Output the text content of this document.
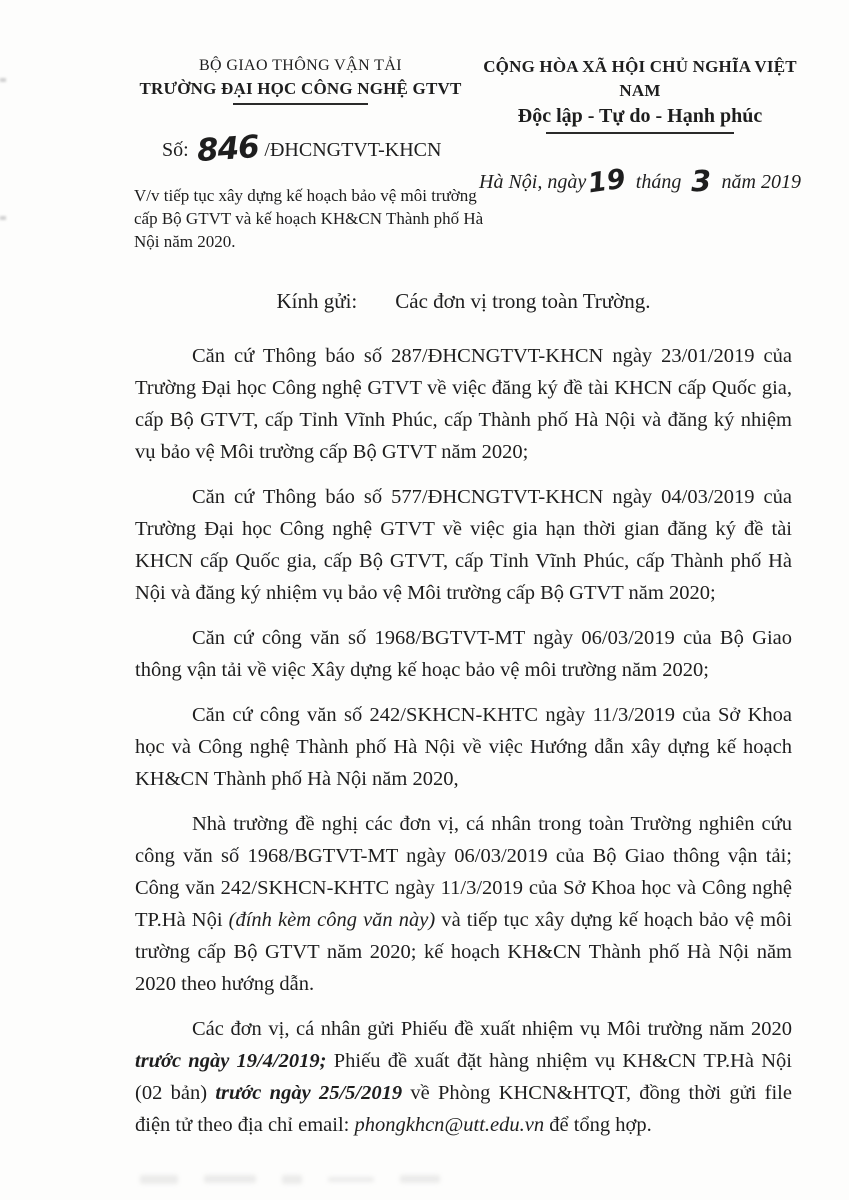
BỘ GIAO THÔNG VẬN TẢI
TRƯỜNG ĐẠI HỌC CÔNG NGHỆ GTVT
Số: 846 /ĐHCNGTVT-KHCN
V/v tiếp tục xây dựng kế hoạch bảo vệ môi trường cấp Bộ GTVT và kế hoạch KH&CN Thành phố Hà Nội năm 2020.
CỘNG HÒA XÃ HỘI CHỦ NGHĨA VIỆT NAM
Độc lập - Tự do - Hạnh phúc
Hà Nội, ngày19 tháng 3 năm 2019
Kính gửi: Các đơn vị trong toàn Trường.

Căn cứ Thông báo số 287/ĐHCNGTVT-KHCN ngày 23/01/2019 của Trường Đại học Công nghệ GTVT về việc đăng ký đề tài KHCN cấp Quốc gia, cấp Bộ GTVT, cấp Tỉnh Vĩnh Phúc, cấp Thành phố Hà Nội và đăng ký nhiệm vụ bảo vệ Môi trường cấp Bộ GTVT năm 2020;

Căn cứ Thông báo số 577/ĐHCNGTVT-KHCN ngày 04/03/2019 của Trường Đại học Công nghệ GTVT về việc gia hạn thời gian đăng ký đề tài KHCN cấp Quốc gia, cấp Bộ GTVT, cấp Tỉnh Vĩnh Phúc, cấp Thành phố Hà Nội và đăng ký nhiệm vụ bảo vệ Môi trường cấp Bộ GTVT năm 2020;

Căn cứ công văn số 1968/BGTVT-MT ngày 06/03/2019 của Bộ Giao thông vận tải về việc Xây dựng kế hoạc bảo vệ môi trường năm 2020;

Căn cứ công văn số 242/SKHCN-KHTC ngày 11/3/2019 của Sở Khoa học và Công nghệ Thành phố Hà Nội về việc Hướng dẫn xây dựng kế hoạch KH&CN Thành phố Hà Nội năm 2020,

Nhà trường đề nghị các đơn vị, cá nhân trong toàn Trường nghiên cứu công văn số 1968/BGTVT-MT ngày 06/03/2019 của Bộ Giao thông vận tải; Công văn 242/SKHCN-KHTC ngày 11/3/2019 của Sở Khoa học và Công nghệ TP.Hà Nội (đính kèm công văn này) và tiếp tục xây dựng kế hoạch bảo vệ môi trường cấp Bộ GTVT năm 2020; kế hoạch KH&CN Thành phố Hà Nội năm 2020 theo hướng dẫn.

Các đơn vị, cá nhân gửi Phiếu đề xuất nhiệm vụ Môi trường năm 2020 trước ngày 19/4/2019; Phiếu đề xuất đặt hàng nhiệm vụ KH&CN TP.Hà Nội (02 bản) trước ngày 25/5/2019 về Phòng KHCN&HTQT, đồng thời gửi file điện tử theo địa chỉ email: phongkhcn@utt.edu.vn để tổng hợp.
